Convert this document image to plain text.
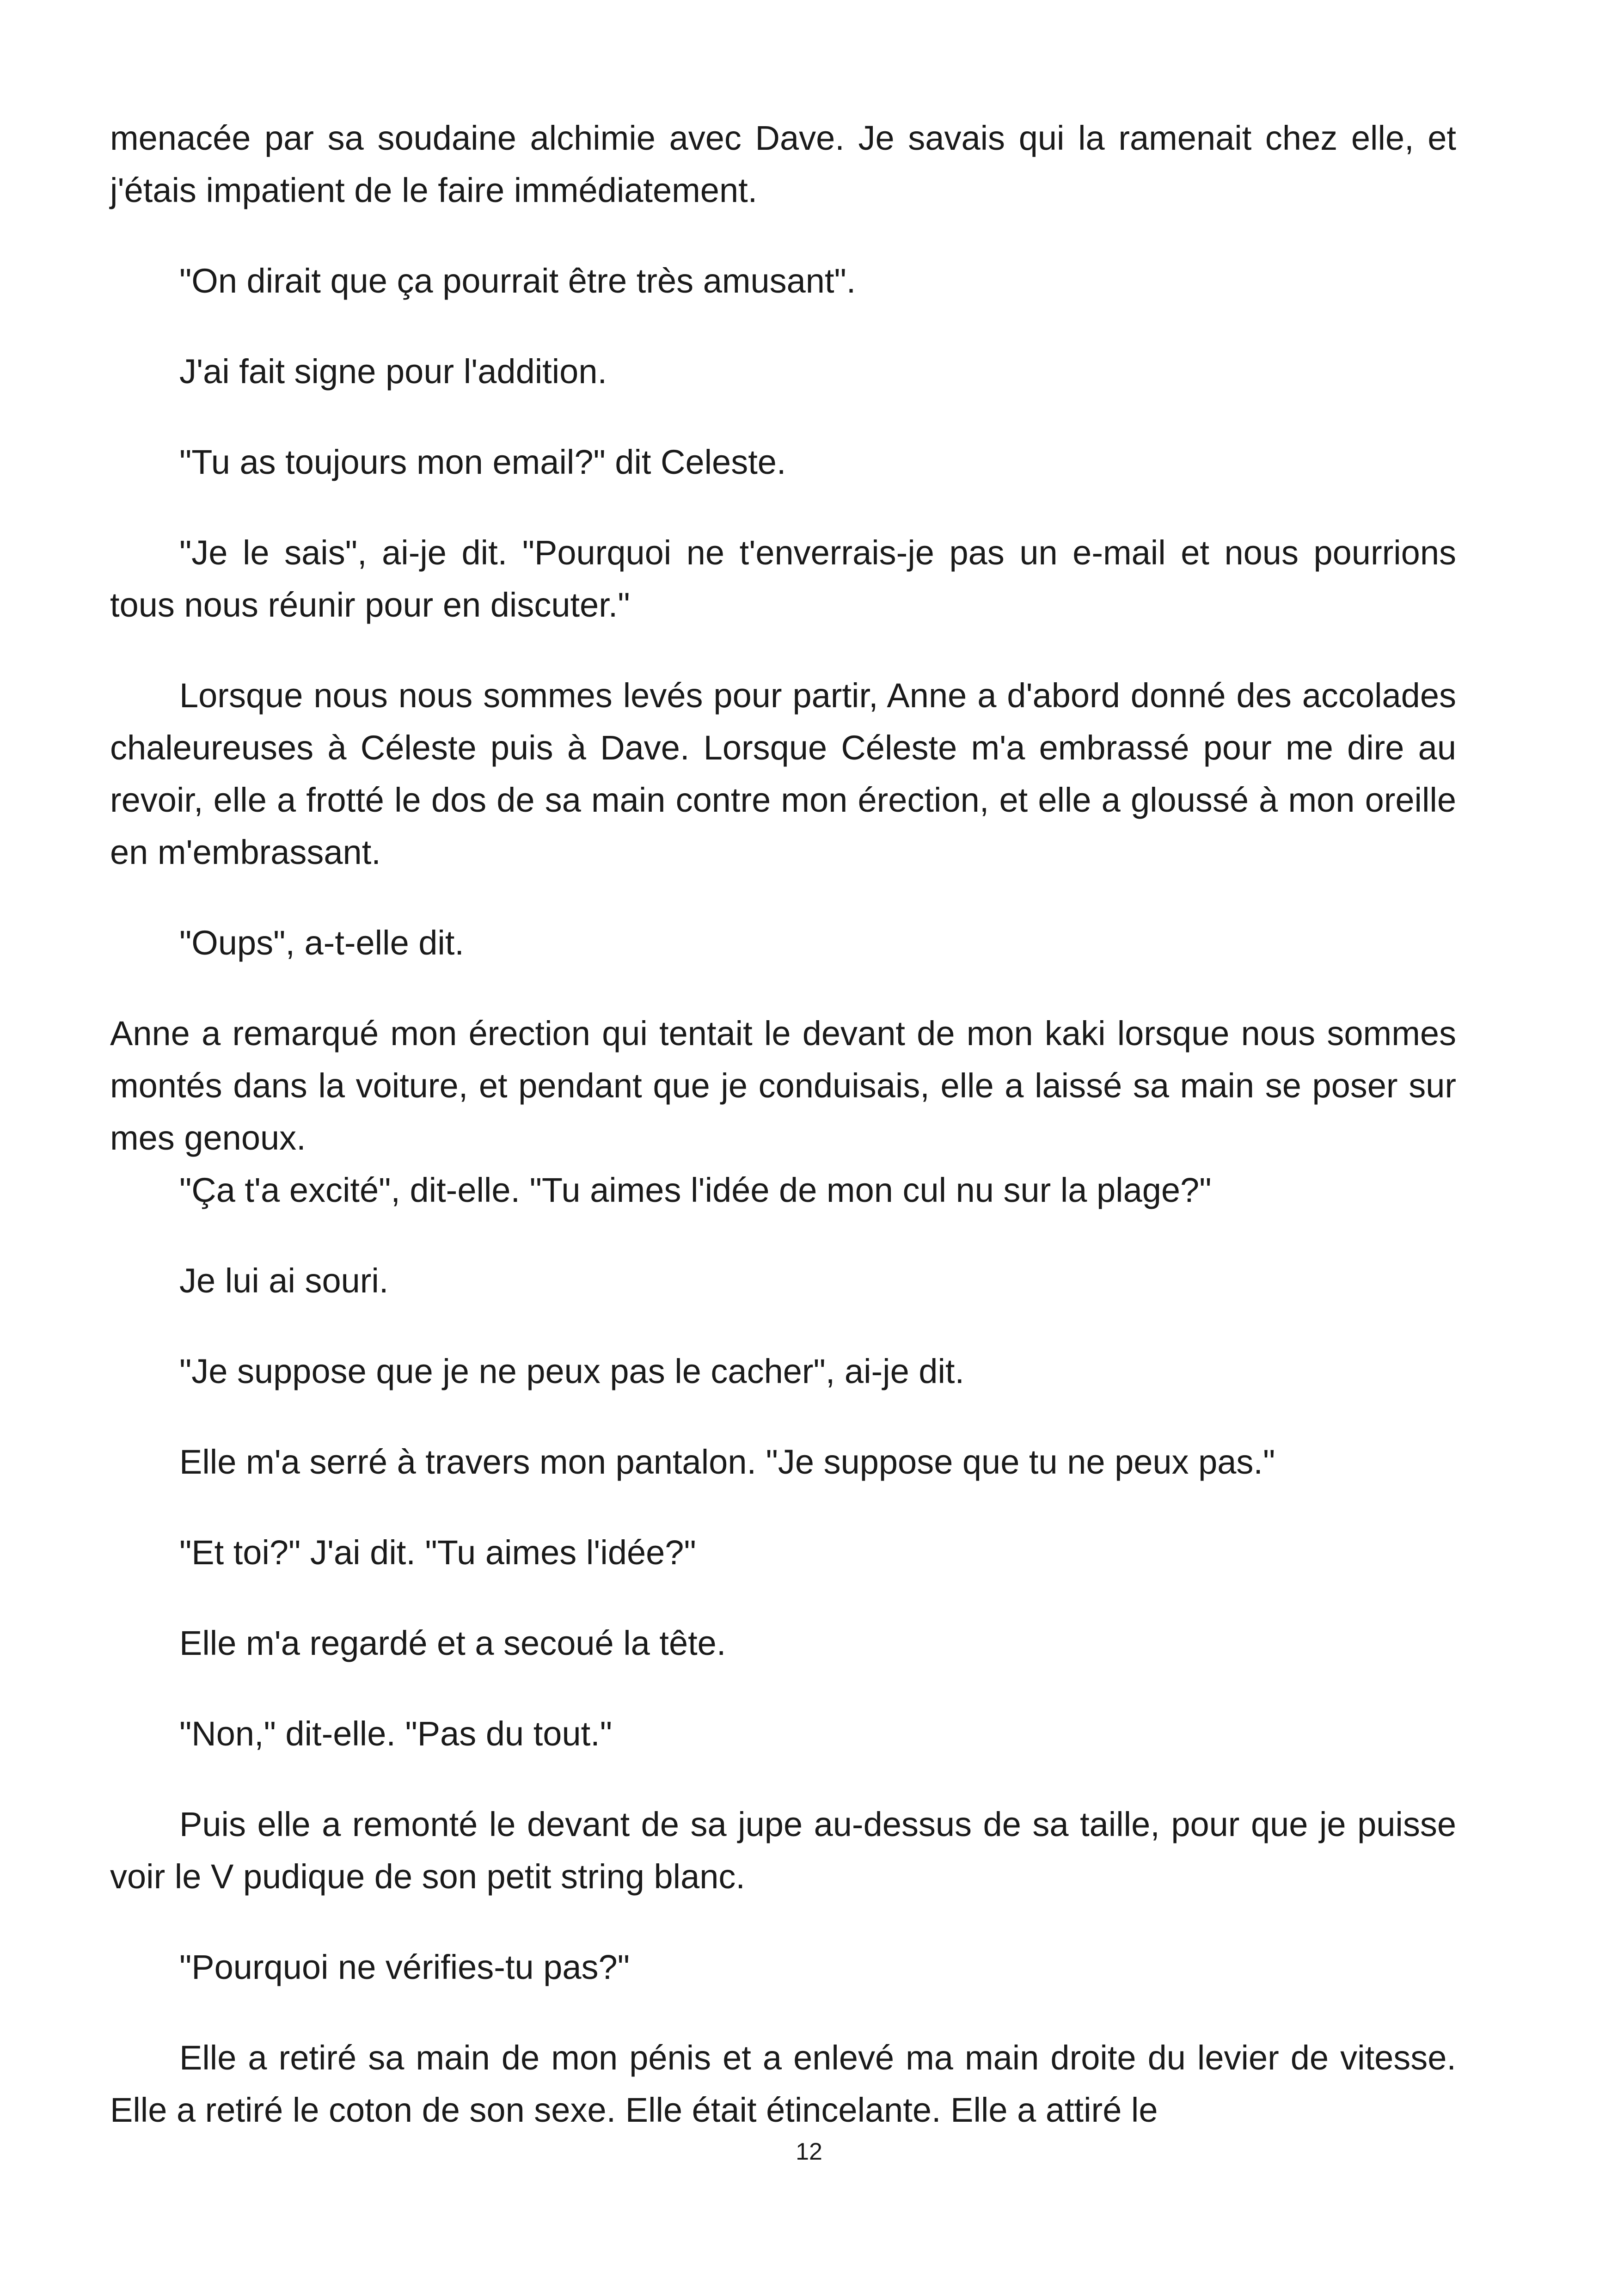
menacée par sa soudaine alchimie avec Dave. Je savais qui la ramenait chez elle, et j'étais impatient de le faire immédiatement.

"On dirait que ça pourrait être très amusant".

J'ai fait signe pour l'addition.

"Tu as toujours mon email?" dit Celeste.

"Je le sais", ai-je dit. "Pourquoi ne t'enverrais-je pas un e-mail et nous pourrions tous nous réunir pour en discuter."

Lorsque nous nous sommes levés pour partir, Anne a d'abord donné des accolades chaleureuses à Céleste puis à Dave. Lorsque Céleste m'a embrassé pour me dire au revoir, elle a frotté le dos de sa main contre mon érection, et elle a gloussé à mon oreille en m'embrassant.

"Oups", a-t-elle dit.

Anne a remarqué mon érection qui tentait le devant de mon kaki lorsque nous sommes montés dans la voiture, et pendant que je conduisais, elle a laissé sa main se poser sur mes genoux.

"Ça t'a excité", dit-elle. "Tu aimes l'idée de mon cul nu sur la plage?"

Je lui ai souri.

"Je suppose que je ne peux pas le cacher", ai-je dit.

Elle m'a serré à travers mon pantalon. "Je suppose que tu ne peux pas."

"Et toi?" J'ai dit. "Tu aimes l'idée?"

Elle m'a regardé et a secoué la tête.

"Non," dit-elle. "Pas du tout."

Puis elle a remonté le devant de sa jupe au-dessus de sa taille, pour que je puisse voir le V pudique de son petit string blanc.

"Pourquoi ne vérifies-tu pas?"

Elle a retiré sa main de mon pénis et a enlevé ma main droite du levier de vitesse. Elle a retiré le coton de son sexe. Elle était étincelante. Elle a attiré le

12
